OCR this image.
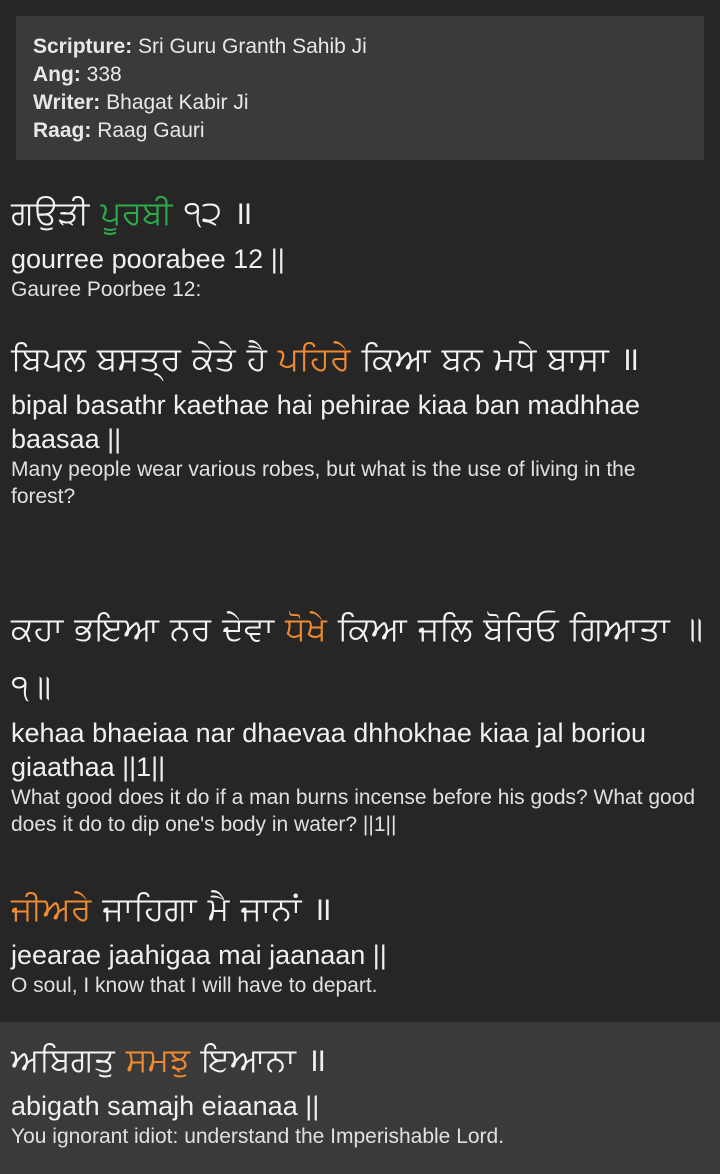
Scripture: Sri Guru Granth Sahib Ji
Ang: 338
Writer: Bhagat Kabir Ji
Raag: Raag Gauri

ਗਉੜੀ ਪੂਰਬੀ ੧੨ ॥

gourree poorabee 12 ||

Gauree Poorbee 12:

ਬਿਪਲ ਬਸਤ੍ਰ ਕੇਤੇ ਹੈ ਪਹਿਰੇ ਕਿਆ ਬਨ ਮਧੇ ਬਾਸਾ ॥

bipal basathr kaethae hai pehirae kiaa ban madhhae baasaa ||

Many people wear various robes, but what is the use of living in the forest?

ਕਹਾ ਭਇਆ ਨਰ ਦੇਵਾ ਧੋਖੇ ਕਿਆ ਜਲਿ ਬੋਰਿਓ ਗਿਆਤਾ ॥੧॥

kehaa bhaeiaa nar dhaevaa dhhokhae kiaa jal boriou giaathaa ||1||

What good does it do if a man burns incense before his gods? What good does it do to dip one's body in water? ||1||

ਜੀਅਰੇ ਜਾਹਿਗਾ ਮੈ ਜਾਨਾਂ ॥

jeearae jaahigaa mai jaanaan ||

O soul, I know that I will have to depart.

ਅਬਿਗਤੁ ਸਮਝੁ ਇਆਨਾ ॥

abigath samajh eiaanaa ||

You ignorant idiot: understand the Imperishable Lord.
